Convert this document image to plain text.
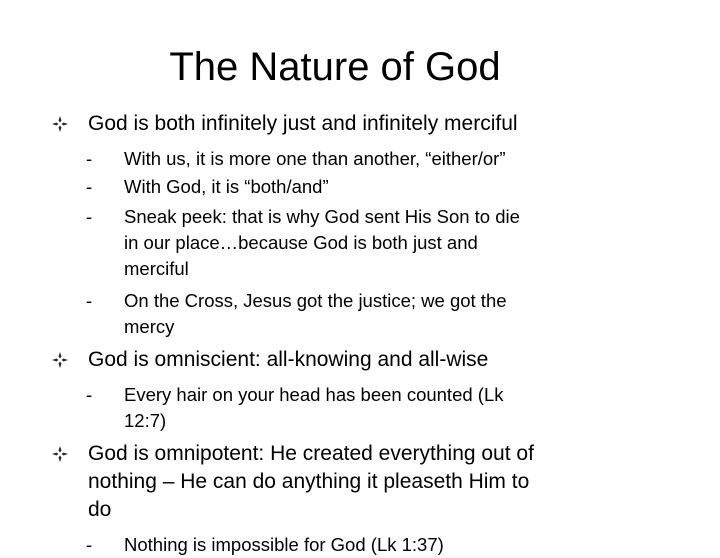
The Nature of God
God is both infinitely just and infinitely merciful
- With us, it is more one than another, “either/or”
- With God, it is “both/and”
- Sneak peek: that is why God sent His Son to die
in our place…because God is both just and
merciful
- On the Cross, Jesus got the justice; we got the
mercy
God is omniscient: all-knowing and all-wise
- Every hair on your head has been counted (Lk
12:7)
God is omnipotent: He created everything out of
nothing – He can do anything it pleaseth Him to
do
- Nothing is impossible for God (Lk 1:37)
